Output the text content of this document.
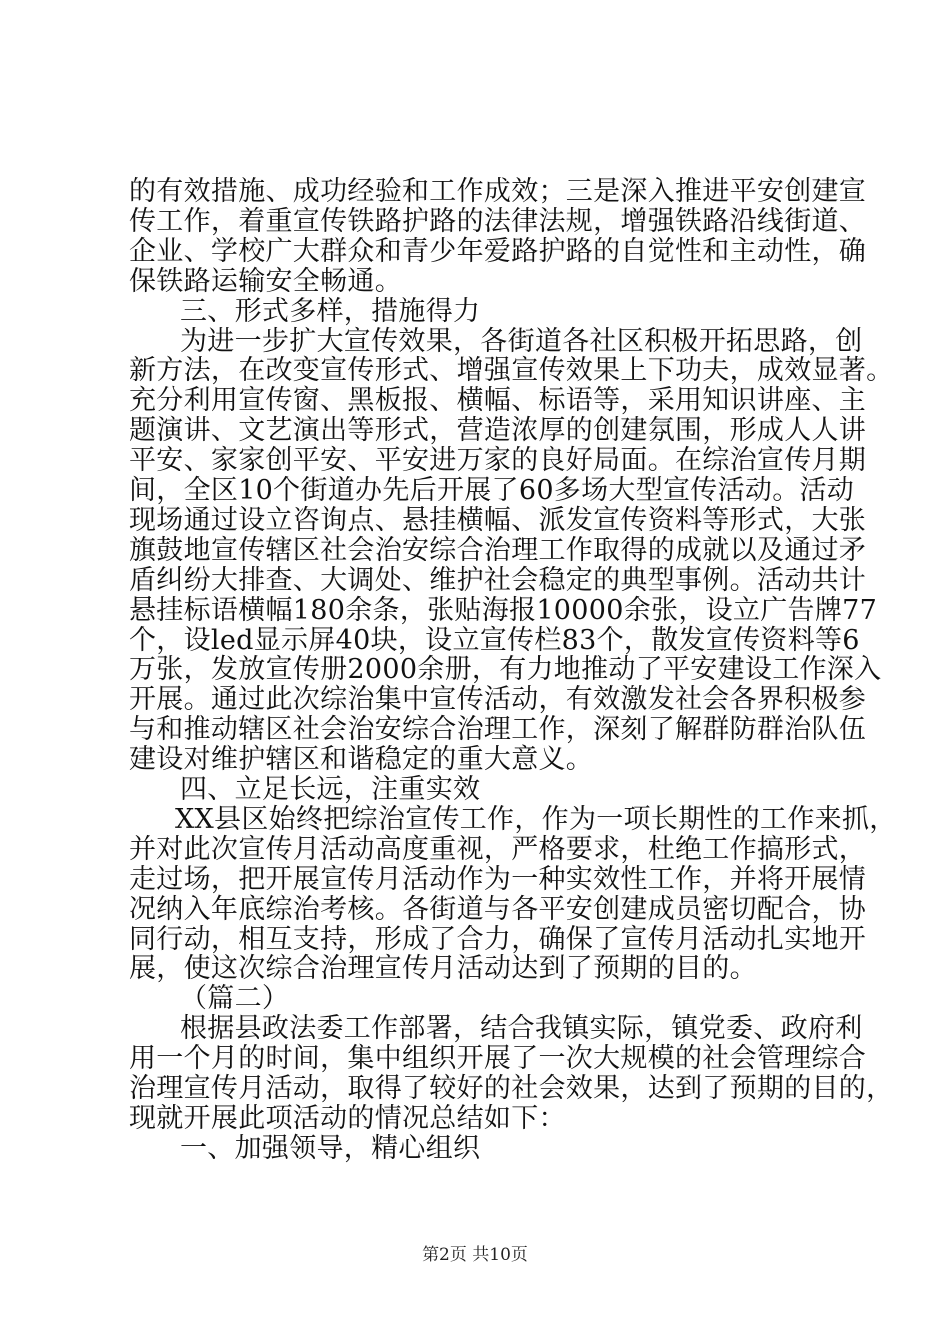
的有效措施、成功经验和工作成效；三是深入推进平安创建宣
传工作，着重宣传铁路护路的法律法规，增强铁路沿线街道、
企业、学校广大群众和青少年爱路护路的自觉性和主动性，确
保铁路运输安全畅通。
三、形式多样，措施得力
为进一步扩大宣传效果，各街道各社区积极开拓思路，创
新方法，在改变宣传形式、增强宣传效果上下功夫，成效显著。
充分利用宣传窗、黑板报、横幅、标语等，采用知识讲座、主
题演讲、文艺演出等形式，营造浓厚的创建氛围，形成人人讲
平安、家家创平安、平安进万家的良好局面。在综治宣传月期
间，全区10个街道办先后开展了60多场大型宣传活动。活动
现场通过设立咨询点、悬挂横幅、派发宣传资料等形式，大张
旗鼓地宣传辖区社会治安综合治理工作取得的成就以及通过矛
盾纠纷大排查、大调处、维护社会稳定的典型事例。活动共计
悬挂标语横幅180余条，张贴海报10000余张，设立广告牌77
个，设led显示屏40块，设立宣传栏83个，散发宣传资料等6
万张，发放宣传册2000余册，有力地推动了平安建设工作深入
开展。通过此次综治集中宣传活动，有效激发社会各界积极参
与和推动辖区社会治安综合治理工作，深刻了解群防群治队伍
建设对维护辖区和谐稳定的重大意义。
四、立足长远，注重实效
XX县区始终把综治宣传工作，作为一项长期性的工作来抓，
并对此次宣传月活动高度重视，严格要求，杜绝工作搞形式，
走过场，把开展宣传月活动作为一种实效性工作，并将开展情
况纳入年底综治考核。各街道与各平安创建成员密切配合，协
同行动，相互支持，形成了合力，确保了宣传月活动扎实地开
展，使这次综合治理宣传月活动达到了预期的目的。
（篇二）
根据县政法委工作部署，结合我镇实际，镇党委、政府利
用一个月的时间，集中组织开展了一次大规模的社会管理综合
治理宣传月活动，取得了较好的社会效果，达到了预期的目的，
现就开展此项活动的情况总结如下：
一、加强领导，精心组织
第2页 共10页
